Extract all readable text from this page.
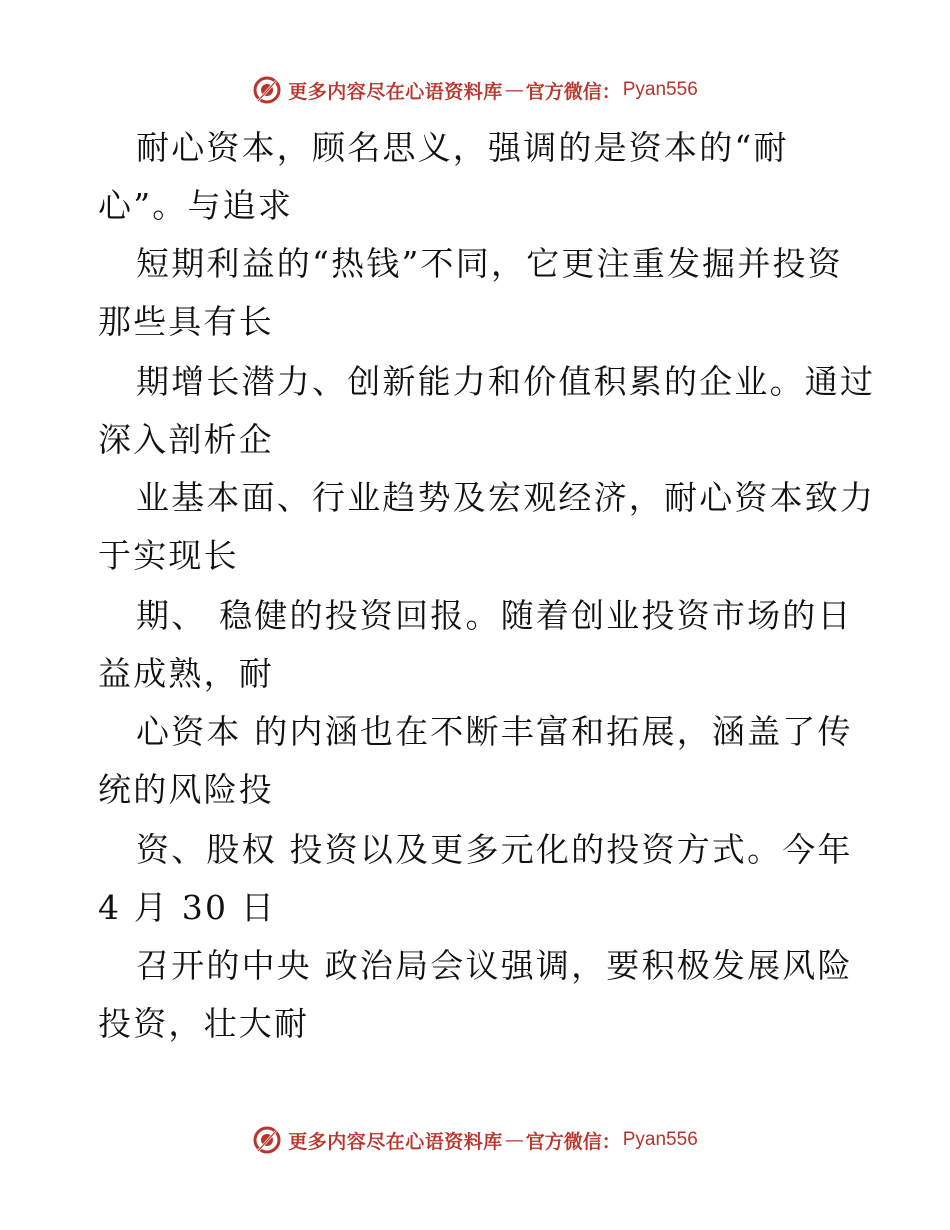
更多内容尽在心语资料库 — 官方微信： Pyan556
耐心资本，顾名思义，强调的是资本的“耐
心”。与追求
短期利益的“热钱”不同，它更注重发掘并投资
那些具有长
期增长潜力、创新能力和价值积累的企业。通过
深入剖析企
业基本面、行业趋势及宏观经济，耐心资本致力
于实现长
期、 稳健的投资回报。随着创业投资市场的日
益成熟，耐
心资本 的内涵也在不断丰富和拓展，涵盖了传
统的风险投
资、股权 投资以及更多元化的投资方式。今年
4 月 30 日
召开的中央 政治局会议强调，要积极发展风险
投资，壮大耐
更多内容尽在心语资料库 — 官方微信： Pyan556
